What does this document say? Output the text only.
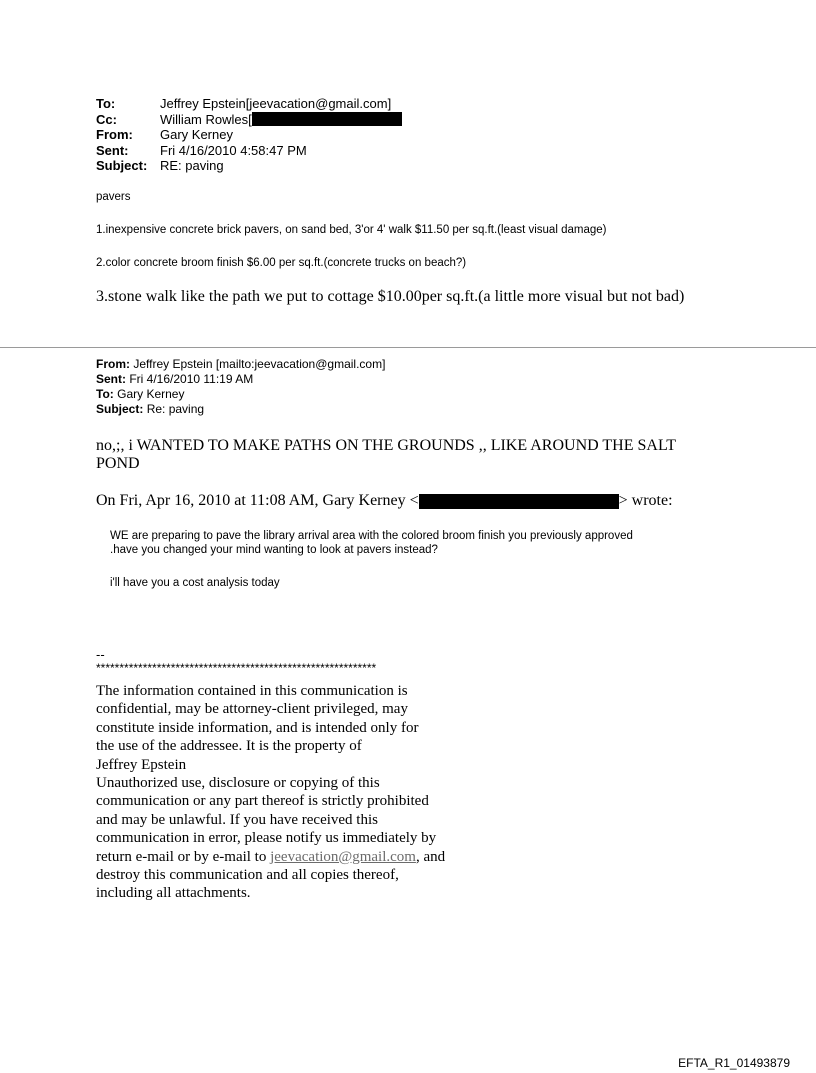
To:	Jeffrey Epstein[jeevacation@gmail.com]
Cc:	William Rowles[
From:	Gary Kerney
Sent:	Fri 4/16/2010 4:58:47 PM
Subject: RE: paving
pavers
1.inexpensive concrete brick pavers, on sand bed, 3'or 4' walk $11.50 per sq.ft.(least visual damage)
2.color concrete broom finish $6.00 per sq.ft.(concrete trucks on beach?)
3.stone walk like the path we put to cottage $10.00per sq.ft.(a little more visual but not bad)
From: Jeffrey Epstein [mailto:jeevacation@gmail.com]
Sent: Fri 4/16/2010 11:19 AM
To: Gary Kerney
Subject: Re: paving
no,;, i WANTED TO MAKE PATHS ON THE GROUNDS ,, LIKE AROUND THE SALT
POND
On Fri, Apr 16, 2010 at 11:08 AM, Gary Kerney <	> wrote:
WE are preparing to pave the library arrival area with the colored broom finish you previously approved
.have you changed your mind wanting to look at pavers instead?
i'll have you a cost analysis today
--
************************************************************
The information contained in this communication is
confidential, may be attorney-client privileged, may
constitute inside information, and is intended only for
the use of the addressee. It is the property of
Jeffrey Epstein
Unauthorized use, disclosure or copying of this
communication or any part thereof is strictly prohibited
and may be unlawful. If you have received this
communication in error, please notify us immediately by
return e-mail or by e-mail to jeevacation@gmail.com, and
destroy this communication and all copies thereof,
including all attachments.
EFTA_R1_01493879
